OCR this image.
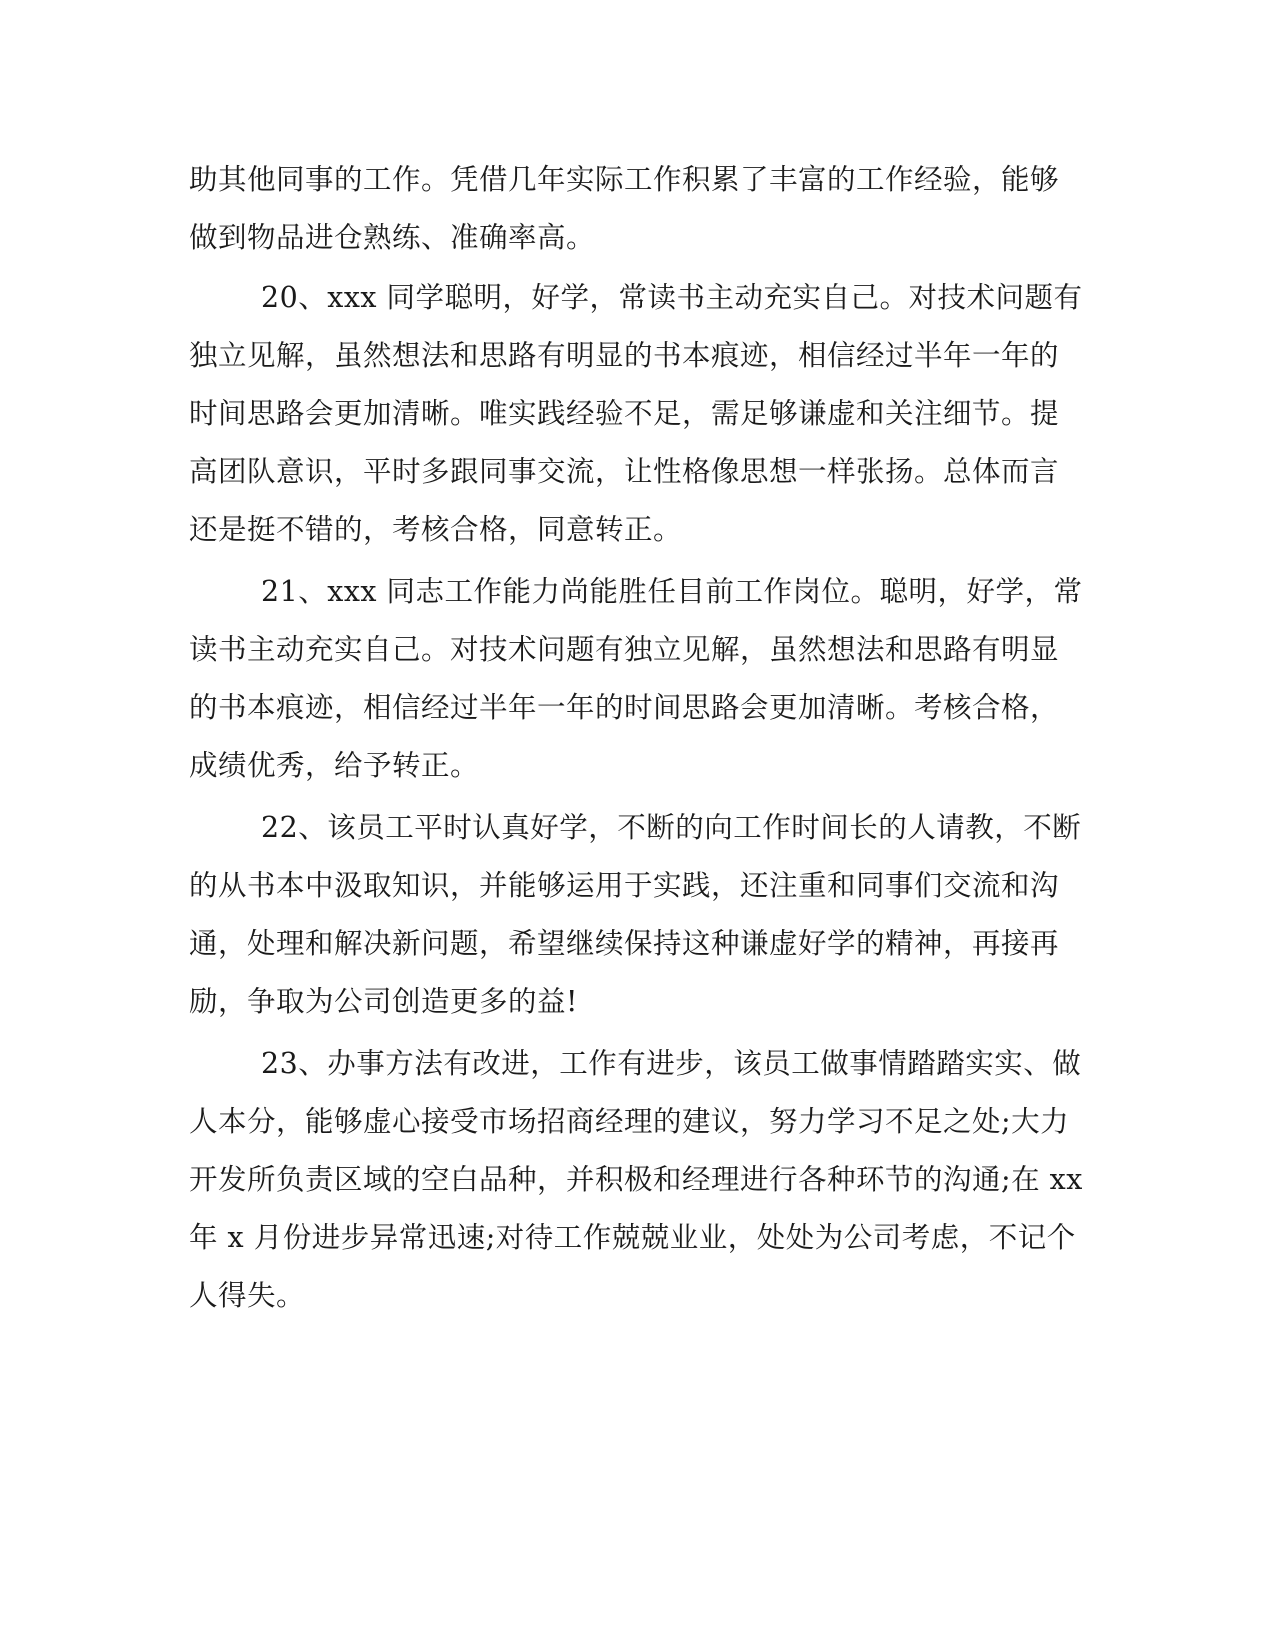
助其他同事的工作。凭借几年实际工作积累了丰富的工作经验，能够
做到物品进仓熟练、准确率高。
20、xxx 同学聪明，好学，常读书主动充实自己。对技术问题有
独立见解，虽然想法和思路有明显的书本痕迹，相信经过半年一年的
时间思路会更加清晰。唯实践经验不足，需足够谦虚和关注细节。提
高团队意识，平时多跟同事交流，让性格像思想一样张扬。总体而言
还是挺不错的，考核合格，同意转正。
21、xxx 同志工作能力尚能胜任目前工作岗位。聪明，好学，常
读书主动充实自己。对技术问题有独立见解，虽然想法和思路有明显
的书本痕迹，相信经过半年一年的时间思路会更加清晰。考核合格，
成绩优秀，给予转正。
22、该员工平时认真好学，不断的向工作时间长的人请教，不断
的从书本中汲取知识，并能够运用于实践，还注重和同事们交流和沟
通，处理和解决新问题，希望继续保持这种谦虚好学的精神，再接再
励，争取为公司创造更多的益!
23、办事方法有改进，工作有进步，该员工做事情踏踏实实、做
人本分，能够虚心接受市场招商经理的建议，努力学习不足之处;大力
开发所负责区域的空白品种，并积极和经理进行各种环节的沟通;在 xx
年 x 月份进步异常迅速;对待工作兢兢业业，处处为公司考虑，不记个
人得失。
